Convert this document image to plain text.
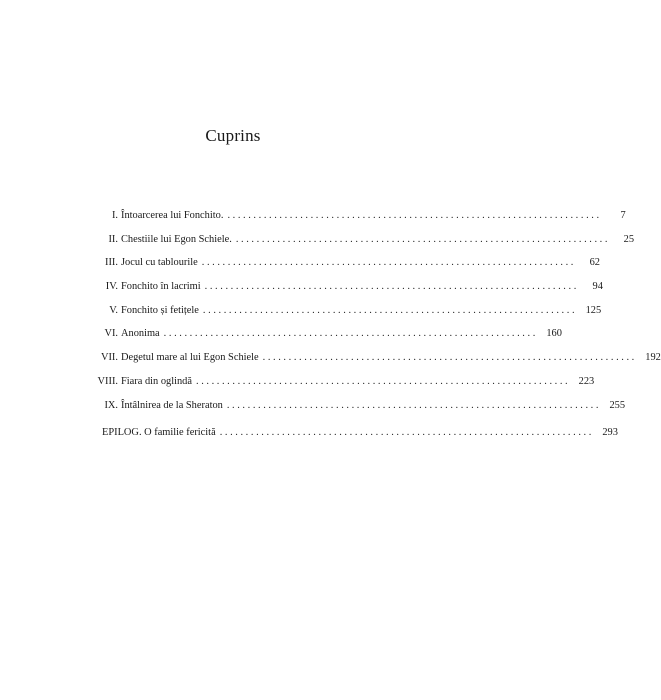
Cuprins
I. Întoarcerea lui Fonchito. ........................................................................	7
II. Chestiile lui Egon Schiele. ........................................................................	25
III. Jocul cu tablourile ........................................................................	62
IV. Fonchito în lacrimi ........................................................................	94
V. Fonchito și fetițele ........................................................................ 125
VI. Anonima ........................................................................ 160
VII. Degetul mare al lui Egon Schiele ........................................................................ 192
VIII. Fiara din oglindă ........................................................................ 223
IX. Întâlnirea de la Sheraton ........................................................................ 255
EPILOG. O familie fericită ........................................................................ 293
